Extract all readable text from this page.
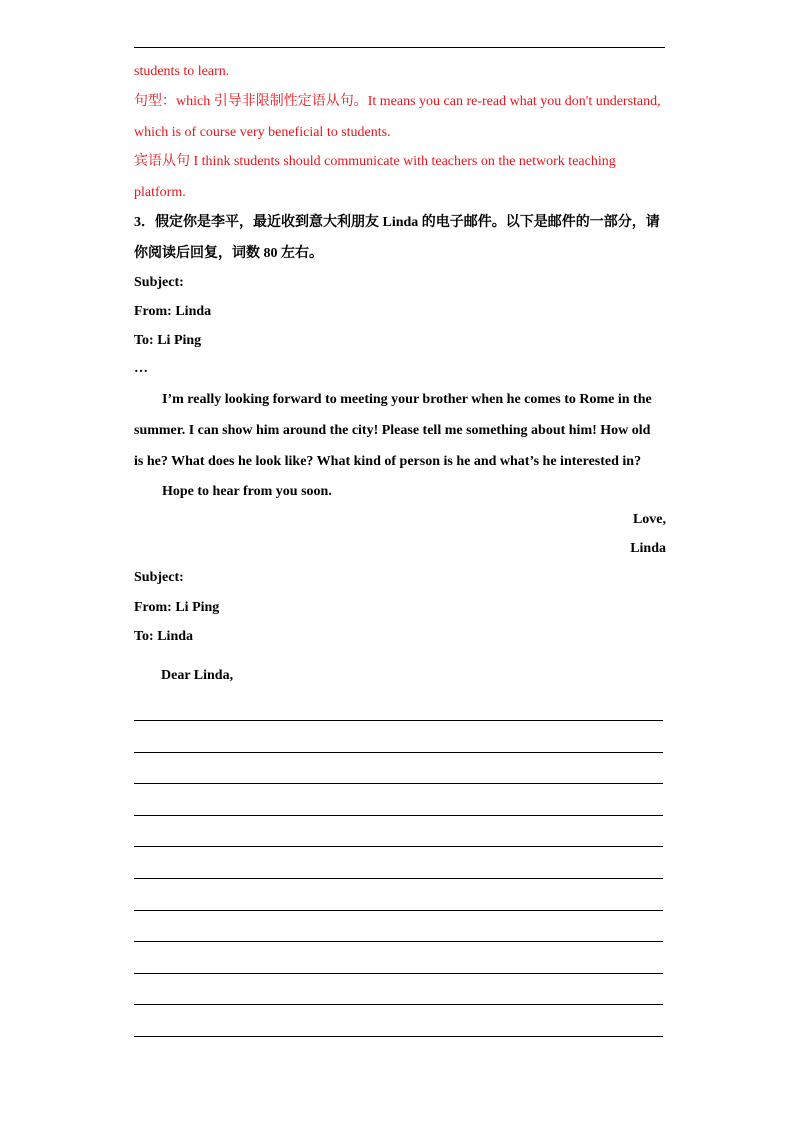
students to learn.
句型：which 引导非限制性定语从句。It means you can re-read what you don't understand,
which is of course very beneficial to students.
宾语从句 I think students should communicate with teachers on the network teaching
platform.
3．假定你是李平，最近收到意大利朋友 Linda 的电子邮件。以下是邮件的一部分，请
你阅读后回复，词数 80 左右。
Subject:
From: Linda
To: Li Ping
…
I’m really looking forward to meeting your brother when he comes to Rome in the
summer. I can show him around the city! Please tell me something about him! How old
is he? What does he look like? What kind of person is he and what’s he interested in?
Hope to hear from you soon.
Love,
Linda
Subject:
From: Li Ping
To: Linda
Dear Linda,
